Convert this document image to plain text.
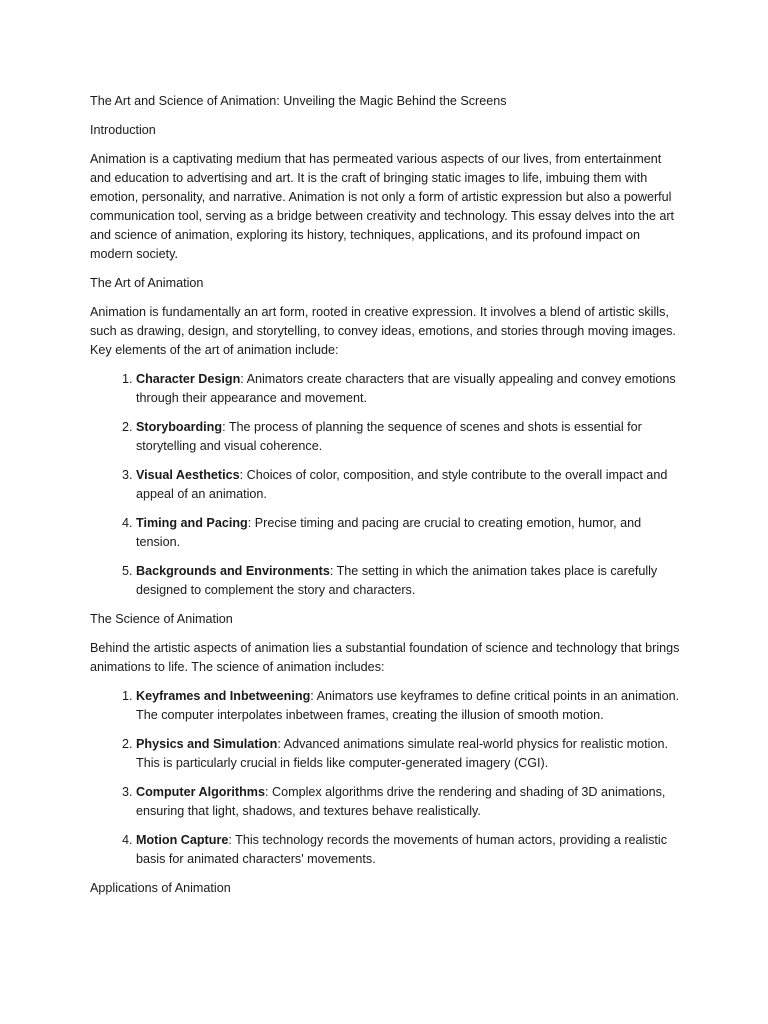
The Art and Science of Animation: Unveiling the Magic Behind the Screens

Introduction

Animation is a captivating medium that has permeated various aspects of our lives, from entertainment and education to advertising and art. It is the craft of bringing static images to life, imbuing them with emotion, personality, and narrative. Animation is not only a form of artistic expression but also a powerful communication tool, serving as a bridge between creativity and technology. This essay delves into the art and science of animation, exploring its history, techniques, applications, and its profound impact on modern society.

The Art of Animation

Animation is fundamentally an art form, rooted in creative expression. It involves a blend of artistic skills, such as drawing, design, and storytelling, to convey ideas, emotions, and stories through moving images. Key elements of the art of animation include:

1. Character Design: Animators create characters that are visually appealing and convey emotions through their appearance and movement.
2. Storyboarding: The process of planning the sequence of scenes and shots is essential for storytelling and visual coherence.
3. Visual Aesthetics: Choices of color, composition, and style contribute to the overall impact and appeal of an animation.
4. Timing and Pacing: Precise timing and pacing are crucial to creating emotion, humor, and tension.
5. Backgrounds and Environments: The setting in which the animation takes place is carefully designed to complement the story and characters.

The Science of Animation

Behind the artistic aspects of animation lies a substantial foundation of science and technology that brings animations to life. The science of animation includes:

1. Keyframes and Inbetweening: Animators use keyframes to define critical points in an animation. The computer interpolates inbetween frames, creating the illusion of smooth motion.
2. Physics and Simulation: Advanced animations simulate real-world physics for realistic motion. This is particularly crucial in fields like computer-generated imagery (CGI).
3. Computer Algorithms: Complex algorithms drive the rendering and shading of 3D animations, ensuring that light, shadows, and textures behave realistically.
4. Motion Capture: This technology records the movements of human actors, providing a realistic basis for animated characters' movements.

Applications of Animation
